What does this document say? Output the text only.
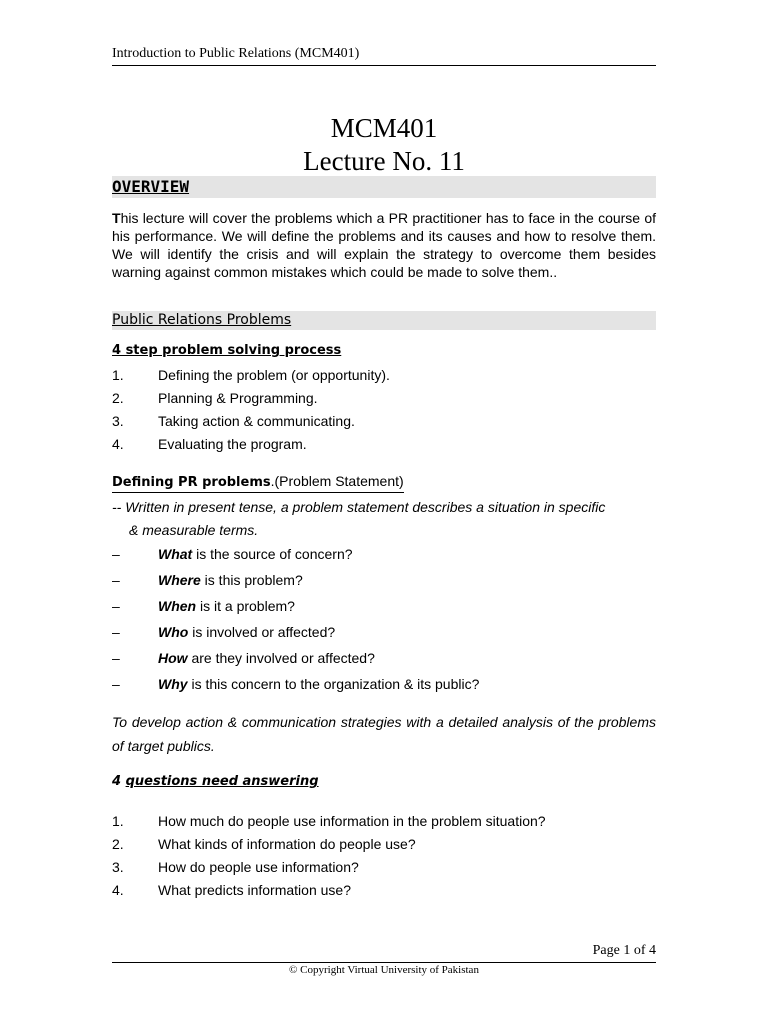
Introduction to Public Relations (MCM401)
MCM401
Lecture No. 11
OVERVIEW
This lecture will cover the problems which a PR practitioner has to face in the course of his performance. We will define the problems and its causes and how to resolve them. We will identify the crisis and will explain the strategy to overcome them besides warning against common mistakes which could be made to solve them..
Public Relations Problems
4 step problem solving process
1. Defining the problem (or opportunity).
2. Planning & Programming.
3. Taking action & communicating.
4. Evaluating the program.
Defining PR problems.(Problem Statement)
-- Written in present tense, a problem statement describes a situation in specific
& measurable terms.
–	What is the source of concern?
–	Where is this problem?
–	When is it a problem?
–	Who is involved or affected?
–	How are they involved or affected?
–	Why is this concern to the organization & its public?
To develop action & communication strategies with a detailed analysis of the problems of target publics.
4 questions need answering
1. How much do people use information in the problem situation?
2. What kinds of information do people use?
3. How do people use information?
4. What predicts information use?
Page 1 of 4
© Copyright Virtual University of Pakistan
